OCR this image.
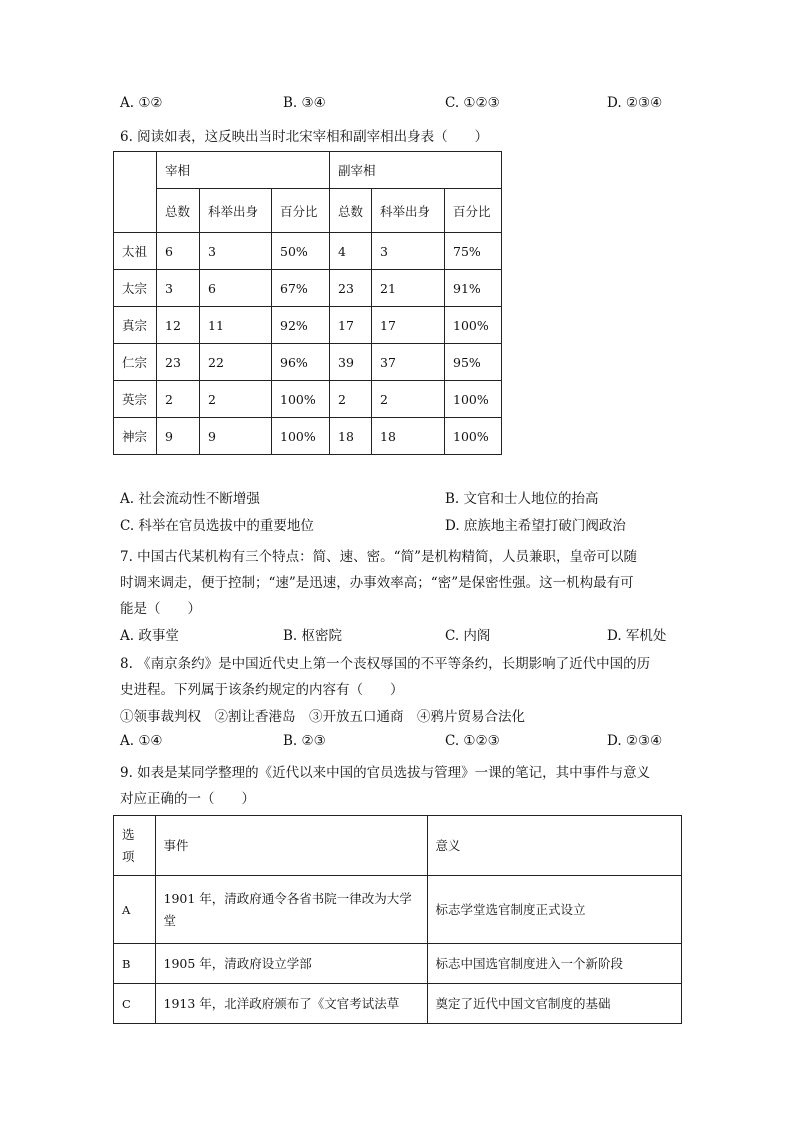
A. ①②	B. ③④	C. ①②③	D. ②③④
6. 阅读如表，这反映出当时北宋宰相和副宰相出身表（　　）
	宰相			副宰相		
	总数	科举出身	百分比	总数	科举出身	百分比
太祖	6	3	50%	4	3	75%
太宗	3	6	67%	23	21	91%
真宗	12	11	92%	17	17	100%
仁宗	23	22	96%	39	37	95%
英宗	2	2	100%	2	2	100%
神宗	9	9	100%	18	18	100%
A. 社会流动性不断增强	B. 文官和士人地位的抬高
C. 科举在官员选拔中的重要地位	D. 庶族地主希望打破门阀政治
7. 中国古代某机构有三个特点：简、速、密。“简”是机构精简，人员兼职，皇帝可以随
时调来调走，便于控制；“速”是迅速，办事效率高；“密”是保密性强。这一机构最有可
能是（　　）
A. 政事堂	B. 枢密院	C. 内阁	D. 军机处
8. 《南京条约》是中国近代史上第一个丧权辱国的不平等条约，长期影响了近代中国的历
史进程。下列属于该条约规定的内容有（　　）
①领事裁判权　②割让香港岛　③开放五口通商　④鸦片贸易合法化
A. ①④	B. ②③	C. ①②③	D. ②③④
9. 如表是某同学整理的《近代以来中国的官员选拔与管理》一课的笔记，其中事件与意义
对应正确的一（　　）
选项	事件	意义
A	1901 年，清政府通令各省书院一律改为大学堂	标志学堂选官制度正式设立
B	1905 年，清政府设立学部	标志中国选官制度进入一个新阶段
C	1913 年，北洋政府颁布了《文官考试法草	奠定了近代中国文官制度的基础
